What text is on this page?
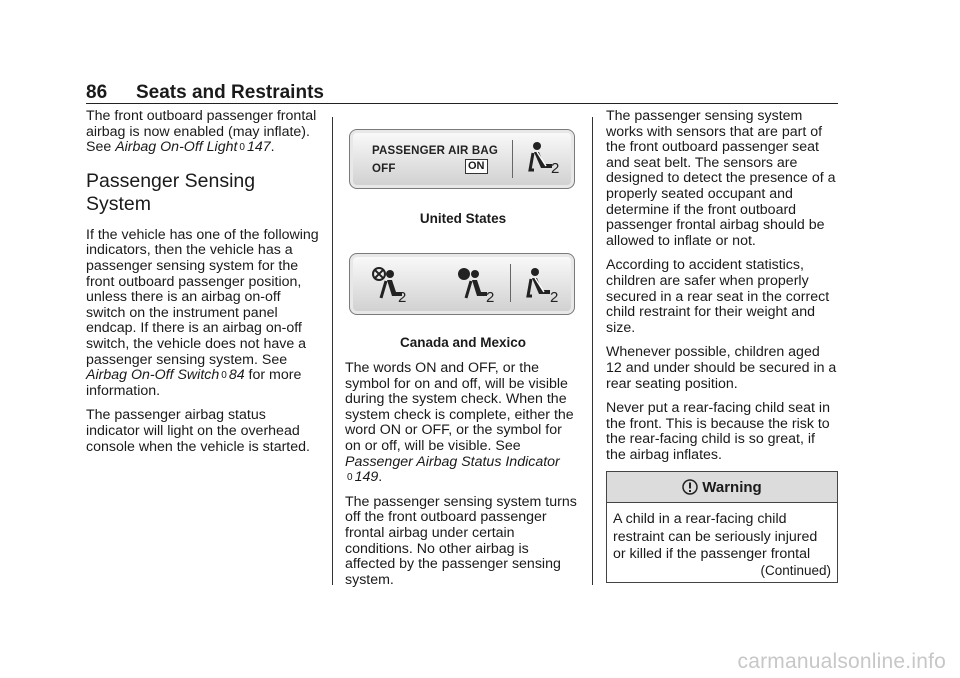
86 Seats and Restraints

The front outboard passenger frontal airbag is now enabled (may inflate). See Airbag On-Off Light 0 147.

Passenger Sensing System

If the vehicle has one of the following indicators, then the vehicle has a passenger sensing system for the front outboard passenger position, unless there is an airbag on-off switch on the instrument panel endcap. If there is an airbag on-off switch, the vehicle does not have a passenger sensing system. See Airbag On-Off Switch 0 84 for more information.

The passenger airbag status indicator will light on the overhead console when the vehicle is started.

PASSENGER AIR BAG
OFF	ON	2
United States
2	2	2
Canada and Mexico

The words ON and OFF, or the symbol for on and off, will be visible during the system check. When the system check is complete, either the word ON or OFF, or the symbol for on or off, will be visible. See Passenger Airbag Status Indicator
0 149.

The passenger sensing system turns off the front outboard passenger frontal airbag under certain conditions. No other airbag is affected by the passenger sensing system.

The passenger sensing system works with sensors that are part of the front outboard passenger seat and seat belt. The sensors are designed to detect the presence of a properly seated occupant and determine if the front outboard passenger frontal airbag should be allowed to inflate or not.

According to accident statistics, children are safer when properly secured in a rear seat in the correct child restraint for their weight and size.

Whenever possible, children aged 12 and under should be secured in a rear seating position.

Never put a rear-facing child seat in the front. This is because the risk to the rear-facing child is so great, if the airbag inflates.

Warning
A child in a rear-facing child restraint can be seriously injured or killed if the passenger frontal
(Continued)
carmanualsonline.info
